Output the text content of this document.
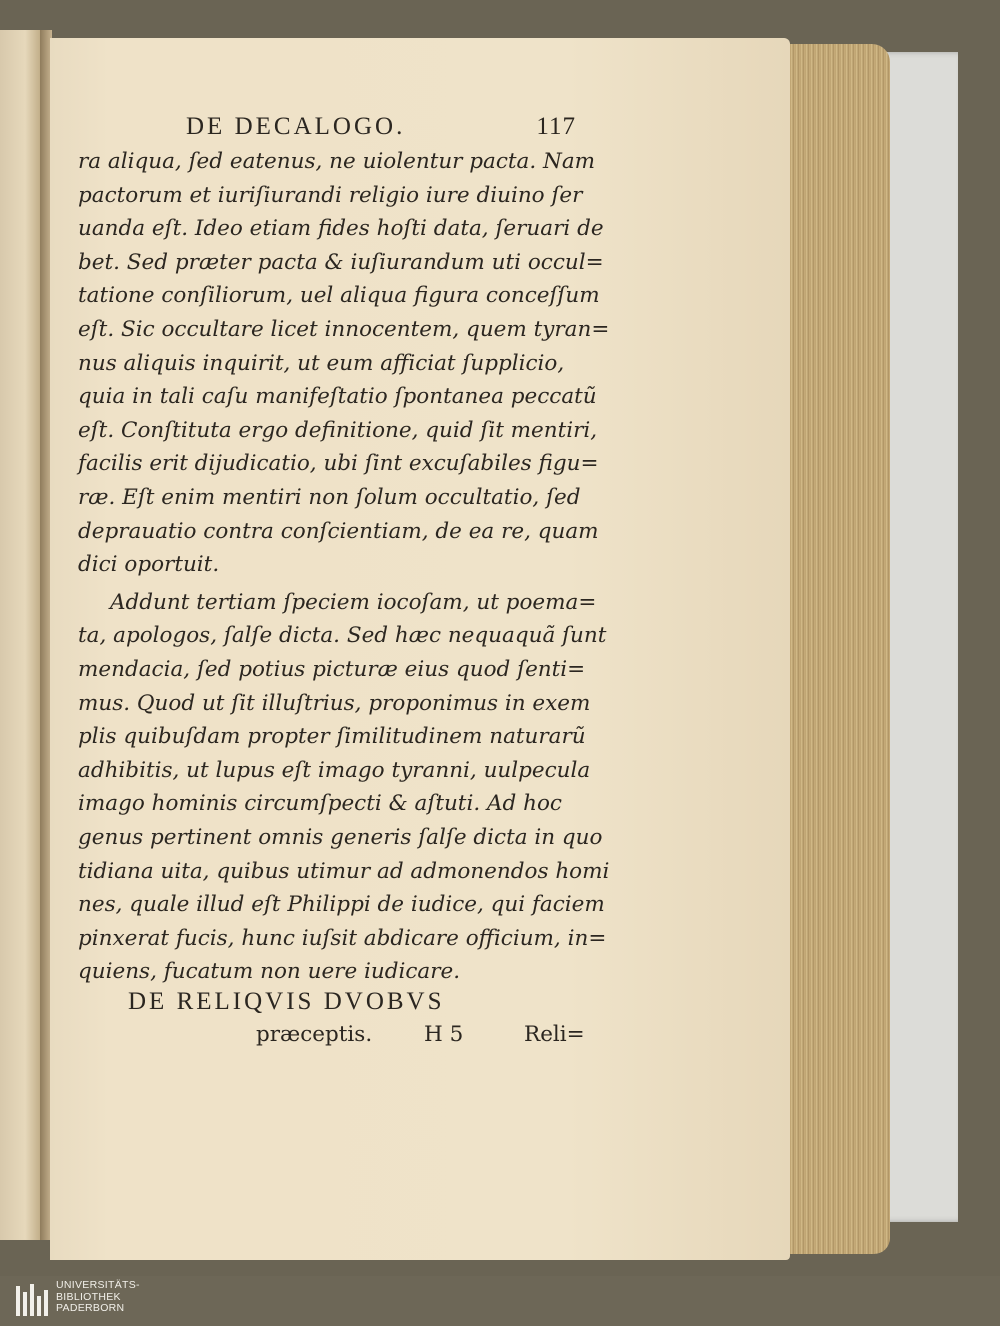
DE DECALOGO.	117
ra aliqua, ſed eatenus, ne uiolentur pacta. Nam
pactorum et iuriſiurandi religio iure diuino ſer
uanda eſt. Ideo etiam fides hoſti data, ſeruari de
bet. Sed præter pacta & iuſiurandum uti occul=
tatione conſiliorum, uel aliqua figura conceſſum
eſt. Sic occultare licet innocentem, quem tyran=
nus aliquis inquirit, ut eum afficiat ſupplicio,
quia in tali caſu manifeſtatio ſpontanea peccatũ
eſt. Conſtituta ergo definitione, quid ſit mentiri,
facilis erit dijudicatio, ubi ſint excuſabiles figu=
ræ. Eſt enim mentiri non ſolum occultatio, ſed
deprauatio contra conſcientiam, de ea re, quam
dici oportuit.
Addunt tertiam ſpeciem iocoſam, ut poema=
ta, apologos, ſalſe dicta. Sed hæc nequaquã ſunt
mendacia, ſed potius picturæ eius quod ſenti=
mus. Quod ut ſit illuſtrius, proponimus in exem
plis quibuſdam propter ſimilitudinem naturarũ
adhibitis, ut lupus eſt imago tyranni, uulpecula
imago hominis circumſpecti & aſtuti. Ad hoc
genus pertinent omnis generis ſalſe dicta in quo
tidiana uita, quibus utimur ad admonendos homi
nes, quale illud eſt Philippi de iudice, qui faciem
pinxerat fucis, hunc iuſsit abdicare officium, in=
quiens, fucatum non uere iudicare.
DE RELIQVIS DVOBVS
præceptis. H 5	Reli=
UNIVERSITÄTS-
BIBLIOTHEK
PADERBORN
